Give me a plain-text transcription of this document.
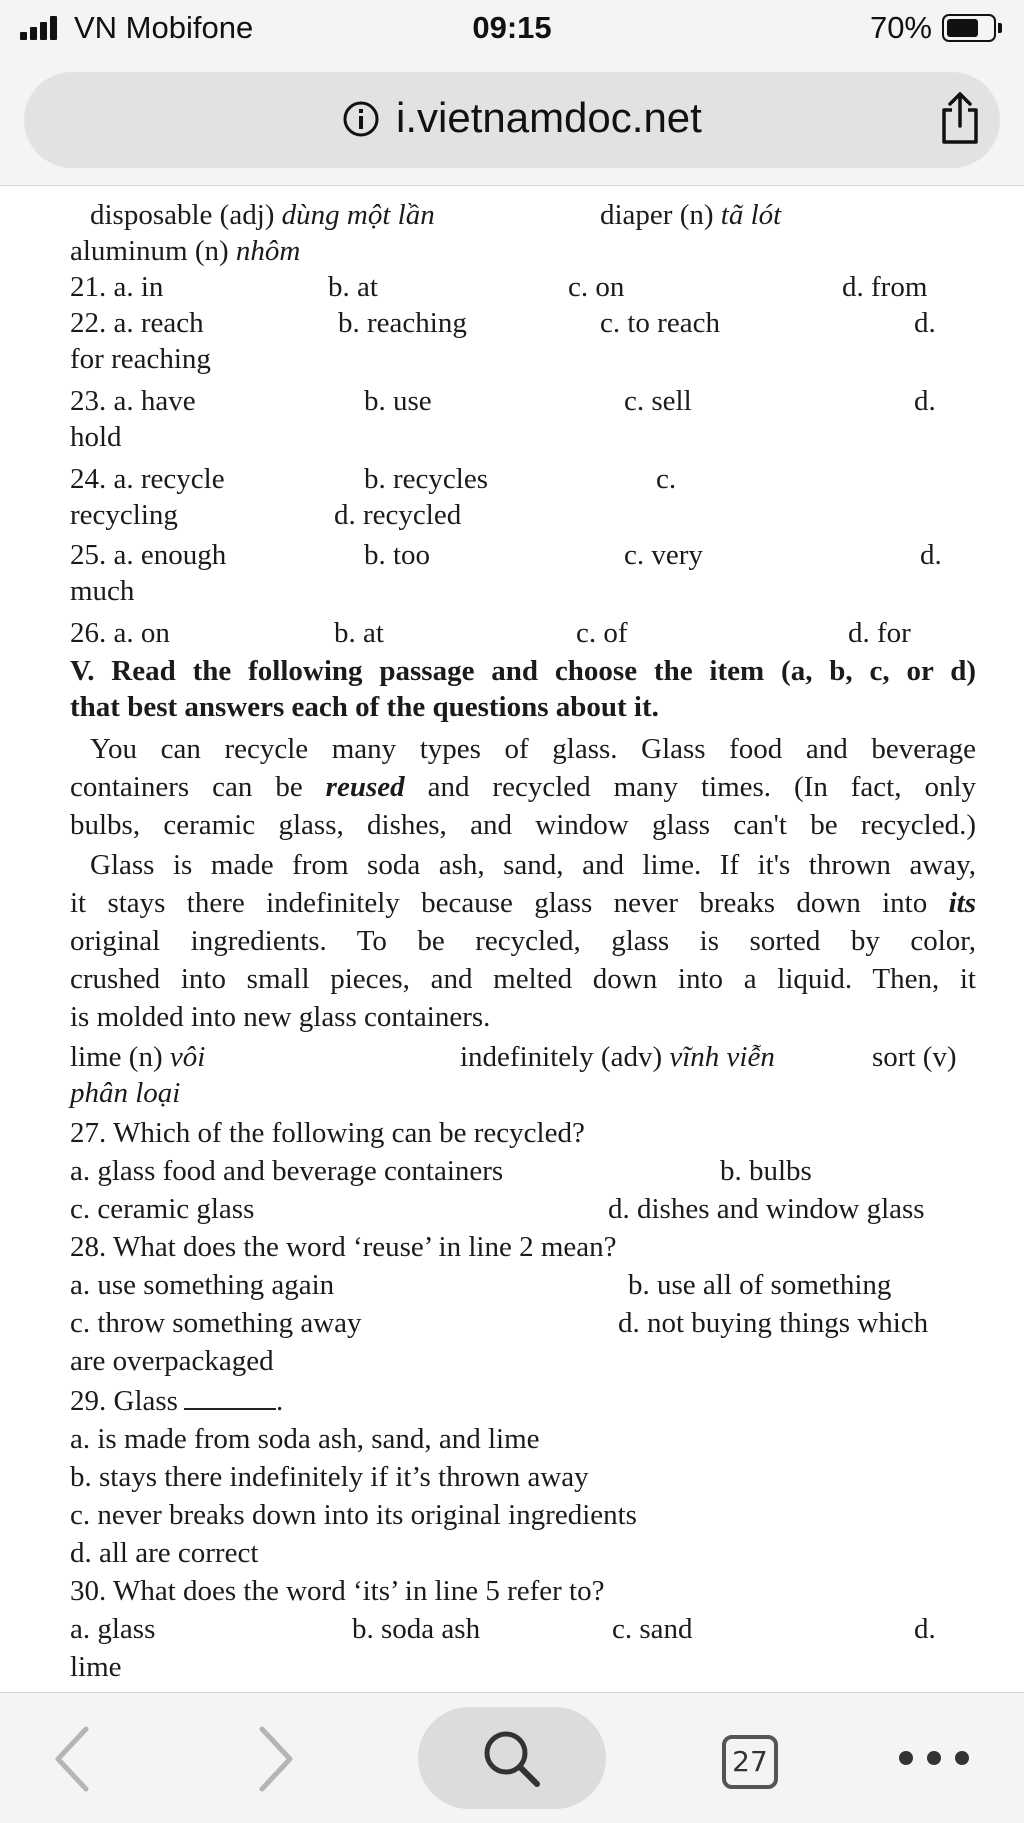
VN Mobifone	09:15	70%
i.vietnamdoc.net
disposable (adj) dùng một lần	diaper (n) tã lót
aluminum (n) nhôm
21. a. in	b. at	c. on	d. from
22. a. reach	b. reaching	c. to reach	d.
for reaching
23. a. have	b. use	c. sell	d.
hold
24. a. recycle	b. recycles	c.
recycling	d. recycled
25. a. enough	b. too	c. very	d.
much
26. a. on	b. at	c. of	d. for
V. Read the following passage and choose the item (a, b, c, or d)
that best answers each of the questions about it.
You can recycle many types of glass. Glass food and beverage
containers can be reused and recycled many times. (In fact, only
bulbs, ceramic glass, dishes, and window glass can't be recycled.)
Glass is made from soda ash, sand, and lime. If it's thrown away,
it stays there indefinitely because glass never breaks down into its
original ingredients. To be recycled, glass is sorted by color,
crushed into small pieces, and melted down into a liquid. Then, it
is molded into new glass containers.
lime (n) vôi	indefinitely (adv) vĩnh viễn	sort (v)
phân loại
27. Which of the following can be recycled?
a. glass food and beverage containers	b. bulbs
c. ceramic glass	d. dishes and window glass
28. What does the word ‘reuse’ in line 2 mean?
a. use something again	b. use all of something
c. throw something away	d. not buying things which
are overpackaged
29. Glass	.
a. is made from soda ash, sand, and lime
b. stays there indefinitely if it’s thrown away
c. never breaks down into its original ingredients
d. all are correct
30. What does the word ‘its’ in line 5 refer to?
a. glass	b. soda ash	c. sand	d.
lime
27
